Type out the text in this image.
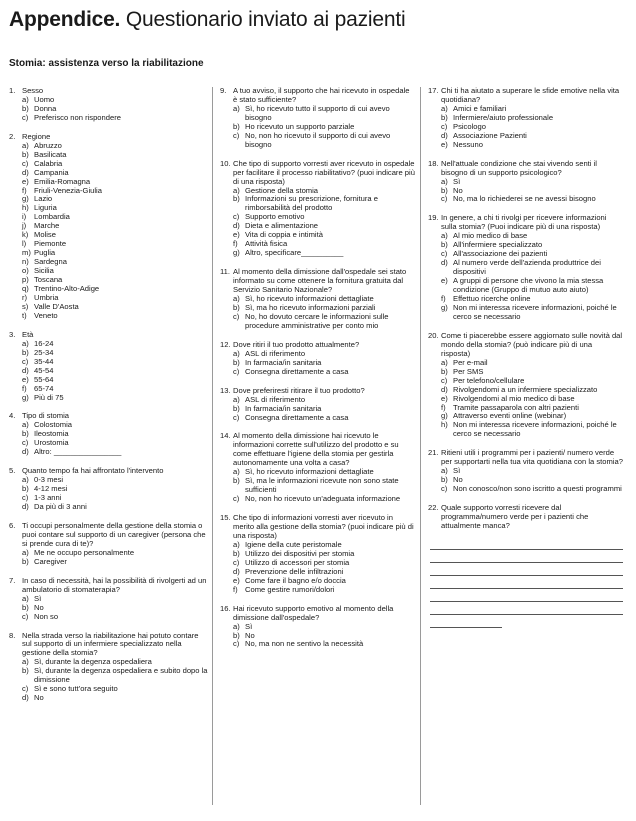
Appendice. Questionario inviato ai pazienti
Stomia: assistenza verso la riabilitazione
1. Sesso
a) Uomo
b) Donna
c) Preferisco non rispondere
2. Regione
a) Abruzzo
b) Basilicata
c) Calabria
d) Campania
e) Emilia-Romagna
f) Friuli-Venezia-Giulia
g) Lazio
h) Liguria
i)	Lombardia
j)	Marche
k) Molise
l)	Piemonte
m) Puglia
n) Sardegna
o) Sicilia
p) Toscana
q) Trentino-Alto-Adige
r) Umbria
s) Valle D'Aosta
t) Veneto
3. Età
a) 16-24
b) 25-34
c) 35-44
d) 45-54
e) 55-64
f) 65-74
g) Più di 75
4. Tipo di stomia
a) Colostomia
b) Ileostomia
c) Urostomia
d) Altro: ________________
5. Quanto tempo fa hai affrontato l'intervento
a) 0-3 mesi
b) 4-12 mesi
c) 1-3 anni
d) Da più di 3 anni
6. Ti occupi personalmente della gestione della stomia o puoi contare sul supporto di un caregiver (persona che si prende cura di te)?
a) Me ne occupo personalmente
b) Caregiver
7. In caso di necessità, hai la possibilità di rivolgerti ad un ambulatorio di stomaterapia?
a) Sì
b) No
c) Non so
8. Nella strada verso la riabilitazione hai potuto contare sul supporto di un infermiere specializzato nella gestione della stomia?
a) Sì, durante la degenza ospedaliera
b) Sì, durante la degenza ospedaliera e subito dopo la dimissione
c) Sì e sono tutt'ora seguito
d) No
9. A tuo avviso, il supporto che hai ricevuto in ospedale è stato sufficiente?
a) Sì, ho ricevuto tutto il supporto di cui avevo bisogno
b) Ho ricevuto un supporto parziale
c) No, non ho ricevuto il supporto di cui avevo bisogno
10. Che tipo di supporto vorresti aver ricevuto in ospedale per facilitare il processo riabilitativo? (puoi indicare più di una risposta)
a) Gestione della stomia
b) Informazioni su prescrizione, fornitura e rimborsabilità del prodotto
c) Supporto emotivo
d) Dieta e alimentazione
e) Vita di coppia e intimità
f) Attività fisica
g) Altro, specificare__________
11. Al momento della dimissione dall'ospedale sei stato informato su come ottenere la fornitura gratuita dal Servizio Sanitario Nazionale?
a) Sì, ho ricevuto informazioni dettagliate
b) Sì, ma ho ricevuto informazioni parziali
c) No, ho dovuto cercare le informazioni sulle procedure amministrative per conto mio
12. Dove ritiri il tuo prodotto attualmente?
a) ASL di riferimento
b) In farmacia/in sanitaria
c) Consegna direttamente a casa
13. Dove preferiresti ritirare il tuo prodotto?
a) ASL di riferimento
b) In farmacia/in sanitaria
c) Consegna direttamente a casa
14. Al momento della dimissione hai ricevuto le informazioni corrette sull'utilizzo del prodotto e su come effettuare l'igiene della stomia per gestirla autonomamente una volta a casa?
a) Sì, ho ricevuto informazioni dettagliate
b) Sì, ma le informazioni ricevute non sono state sufficienti
c) No, non ho ricevuto un'adeguata informazione
15. Che tipo di informazioni vorresti aver ricevuto in merito alla gestione della stomia? (puoi indicare più di una risposta)
a) Igiene della cute peristomale
b) Utilizzo dei dispositivi per stomia
c) Utilizzo di accessori per stomia
d) Prevenzione delle infiltrazioni
e) Come fare il bagno e/o doccia
f) Come gestire rumori/dolori
16. Hai ricevuto supporto emotivo al momento della dimissione dall'ospedale?
a) Sì
b) No
c) No, ma non ne sentivo la necessità
17. Chi ti ha aiutato a superare le sfide emotive nella vita quotidiana?
a) Amici e familiari
b) Infermiere/aiuto professionale
c) Psicologo
d) Associazione Pazienti
e) Nessuno
18. Nell'attuale condizione che stai vivendo senti il bisogno di un supporto psicologico?
a) Sì
b) No
c) No, ma lo richiederei se ne avessi bisogno
19. In genere, a chi ti rivolgi per ricevere informazioni sulla stomia? (Puoi indicare più di una risposta)
a) Al mio medico di base
b) All'infermiere specializzato
c) All'associazione dei pazienti
d) Al numero verde dell'azienda produttrice dei dispositivi
e) A gruppi di persone che vivono la mia stessa condizione (Gruppo di mutuo auto aiuto)
f) Effettuo ricerche online
g) Non mi interessa ricevere informazioni, poiché le cerco se necessario
20. Come ti piacerebbe essere aggiornato sulle novità dal mondo della stomia? (può indicare più di una risposta)
a) Per e-mail
b) Per SMS
c) Per telefono/cellulare
d) Rivolgendomi a un infermiere specializzato
e) Rivolgendomi al mio medico di base
f) Tramite passaparola con altri pazienti
g) Attraverso eventi online (webinar)
h) Non mi interessa ricevere informazioni, poiché le cerco se necessario
21. Ritieni utili i programmi per i pazienti/ numero verde per supportarti nella tua vita quotidiana con la stomia?
a) Sì
b) No
c) Non conosco/non sono iscritto a questi programmi
22. Quale supporto vorresti ricevere dal programma/numero verde per i pazienti che attualmente manca?
